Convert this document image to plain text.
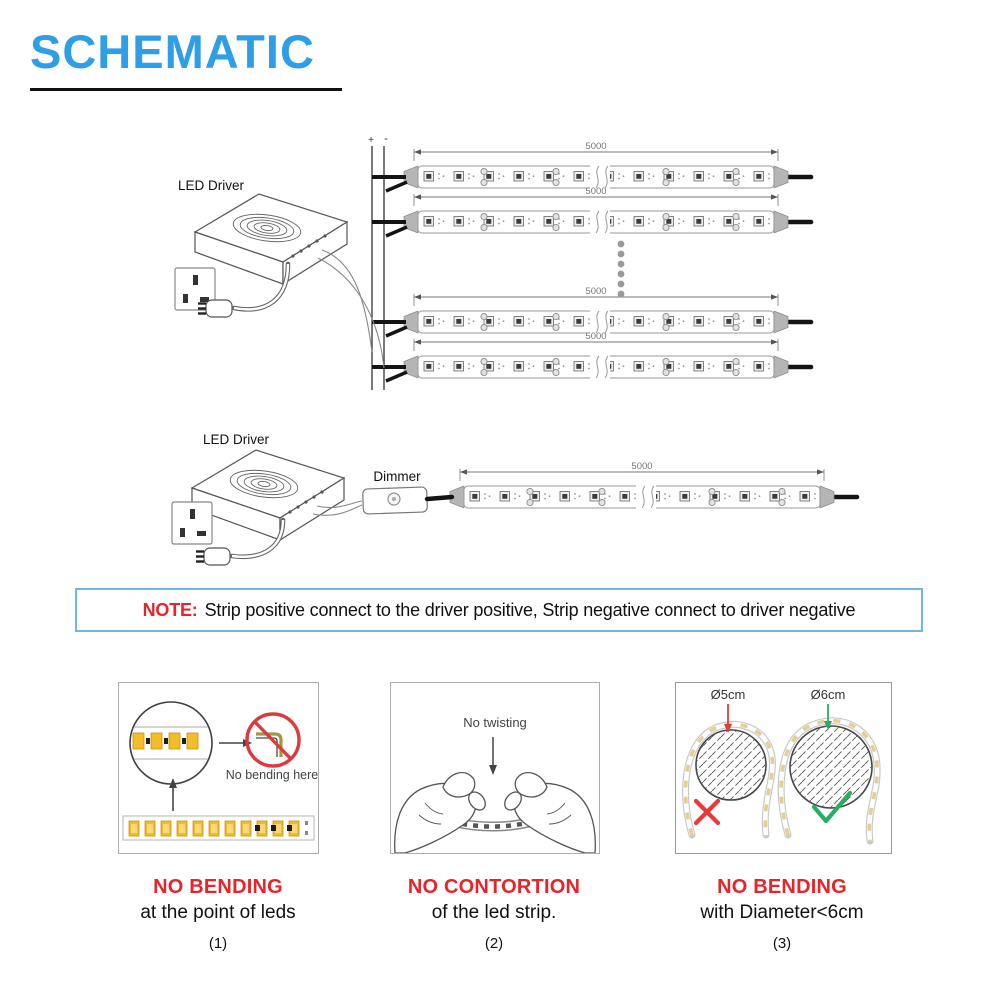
SCHEMATIC
5000
+ -
LED Driver
LED Driver
Dimmer
NOTE: Strip positive connect to the driver positive, Strip negative connect to driver negative
No bending here
No twisting
Ø5cm	Ø6cm
NO BENDING
at the point of leds
(1)
NO CONTORTION
of the led strip.
(2)
NO BENDING
with Diameter<6cm
(3)
